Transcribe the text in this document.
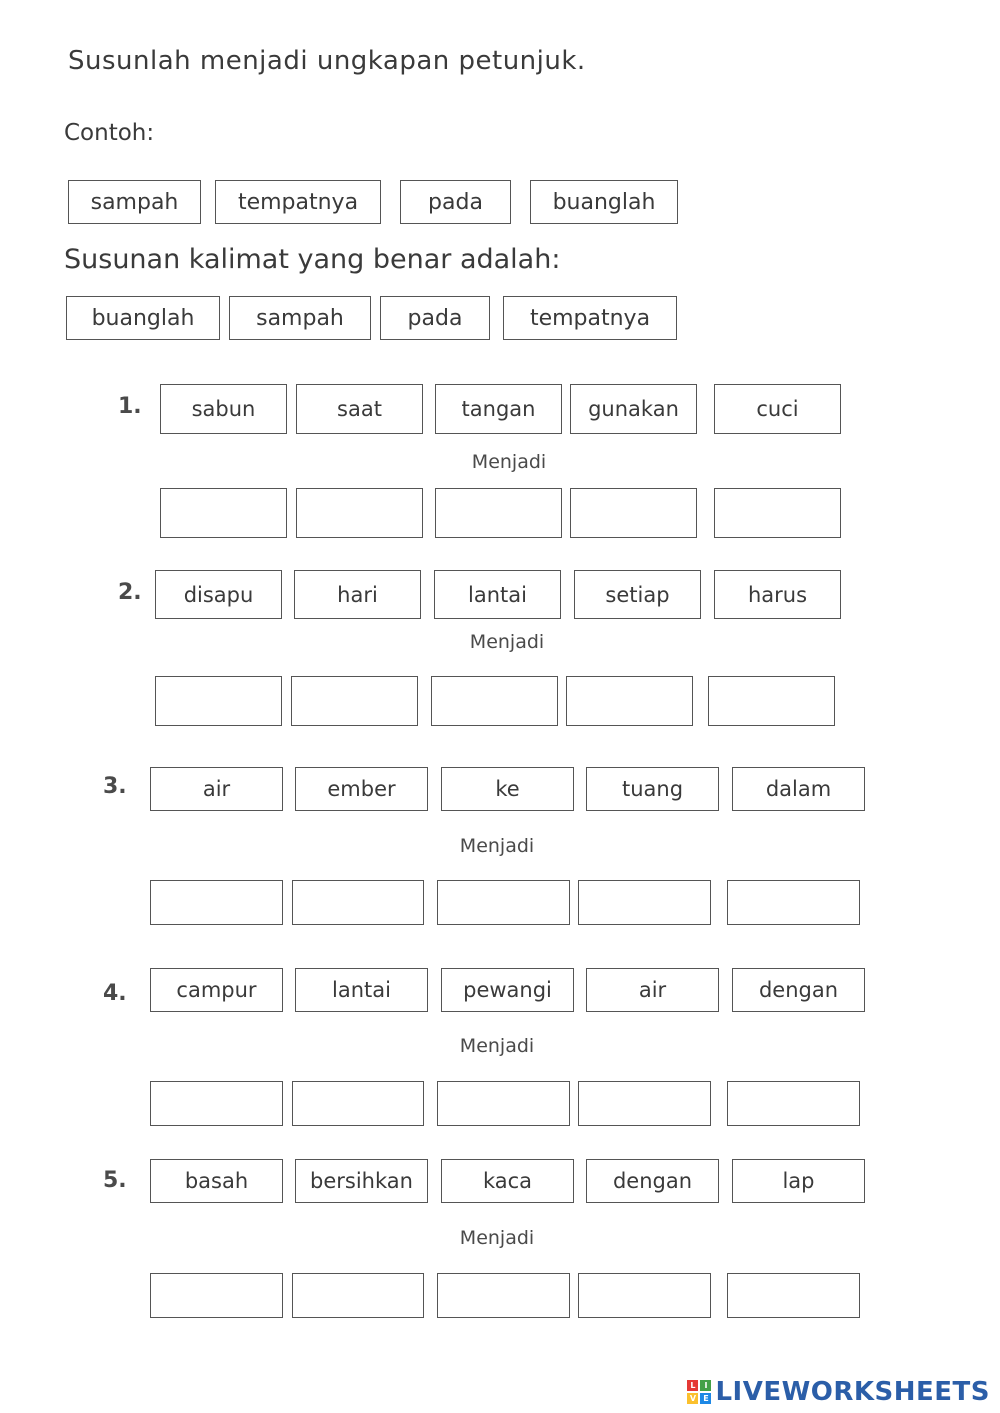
Susunlah menjadi ungkapan petunjuk.
Contoh:
sampah	tempatnya	pada	buanglah
Susunan kalimat yang benar adalah:
buanglah	sampah	pada	tempatnya
1.	sabun	saat	tangan	gunakan	cuci
Menjadi
2.	disapu	hari	lantai	setiap	harus
Menjadi
3.	air	ember	ke	tuang	dalam
Menjadi
4.	campur	lantai	pewangi	air	dengan
Menjadi
5.	basah	bersihkan	kaca	dengan	lap
Menjadi
L	I
V E LIVEWORKSHEETS
